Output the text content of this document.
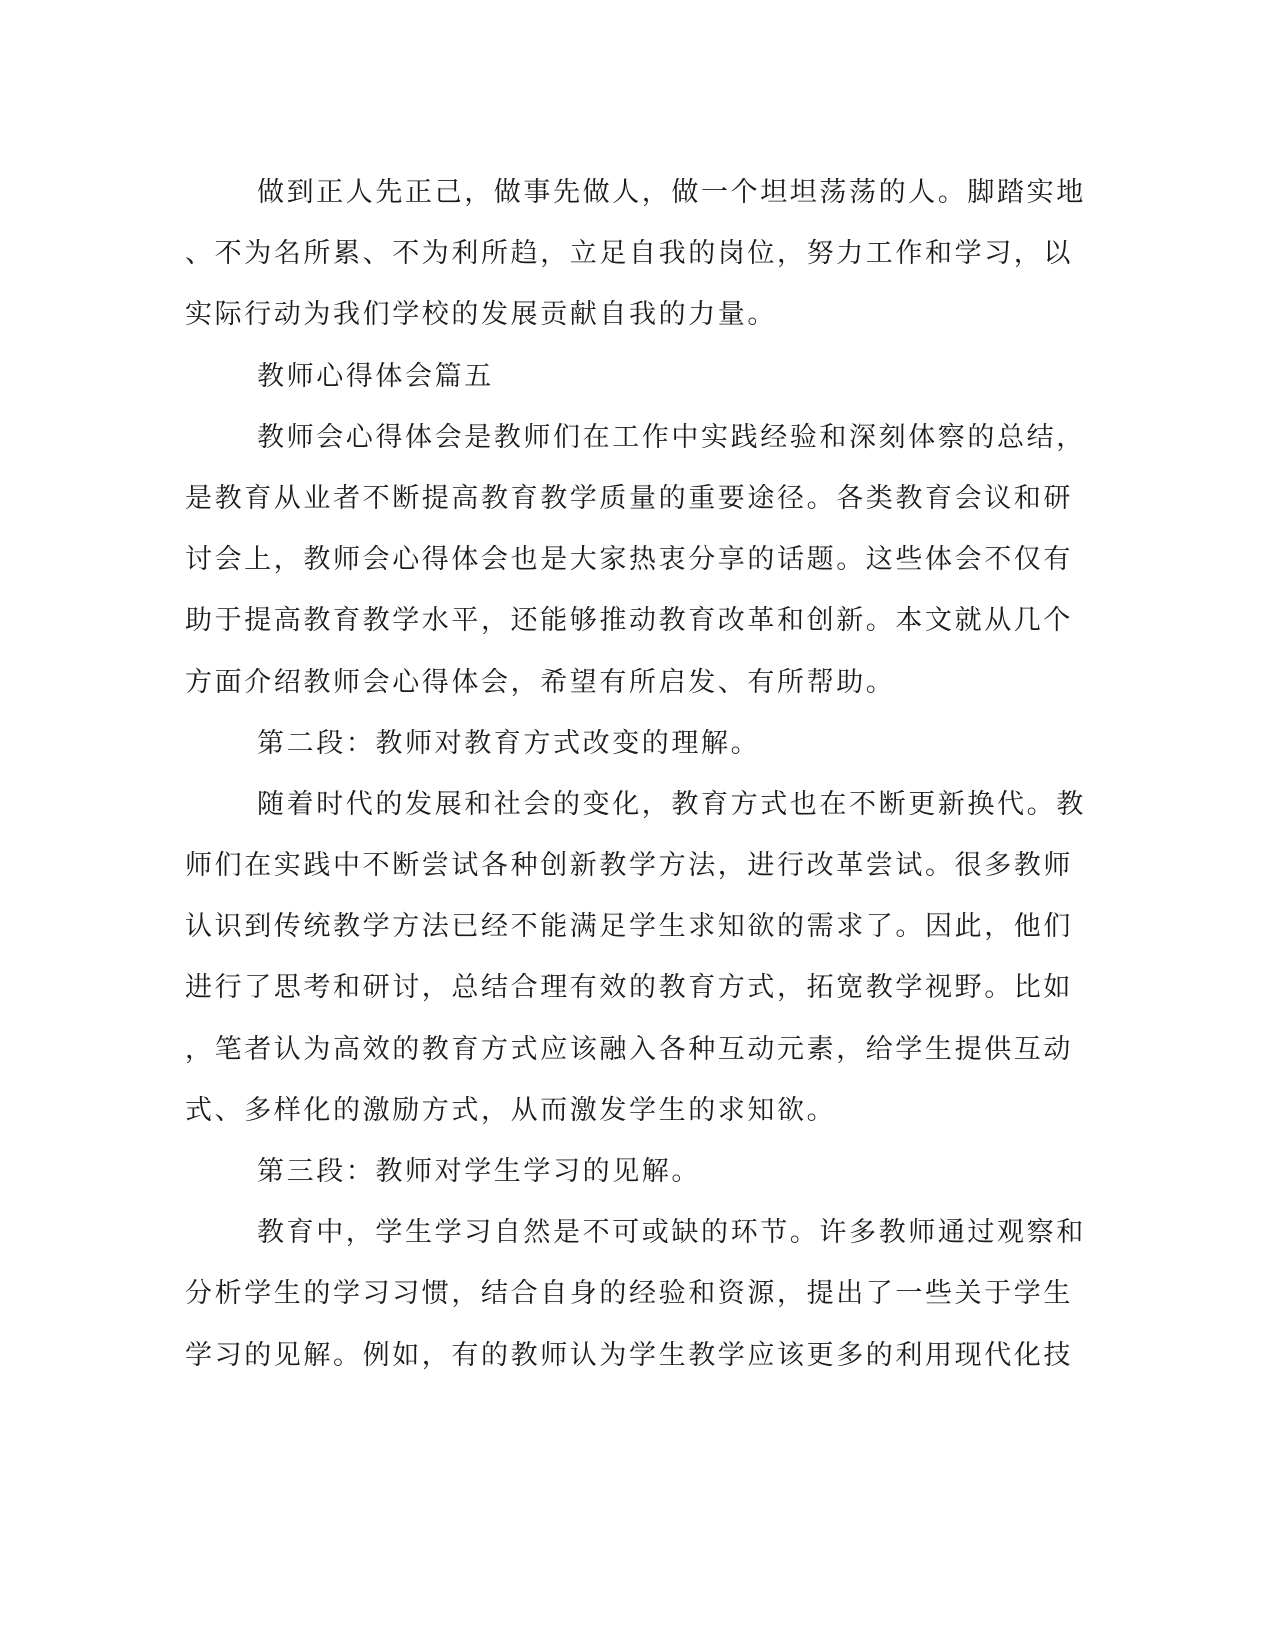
做到正人先正己，做事先做人，做一个坦坦荡荡的人。脚踏实地
、不为名所累、不为利所趋，立足自我的岗位，努力工作和学习，以
实际行动为我们学校的发展贡献自我的力量。
教师心得体会篇五
教师会心得体会是教师们在工作中实践经验和深刻体察的总结，
是教育从业者不断提高教育教学质量的重要途径。各类教育会议和研
讨会上，教师会心得体会也是大家热衷分享的话题。这些体会不仅有
助于提高教育教学水平，还能够推动教育改革和创新。本文就从几个
方面介绍教师会心得体会，希望有所启发、有所帮助。
第二段：教师对教育方式改变的理解。
随着时代的发展和社会的变化，教育方式也在不断更新换代。教
师们在实践中不断尝试各种创新教学方法，进行改革尝试。很多教师
认识到传统教学方法已经不能满足学生求知欲的需求了。因此，他们
进行了思考和研讨，总结合理有效的教育方式，拓宽教学视野。比如
，笔者认为高效的教育方式应该融入各种互动元素，给学生提供互动
式、多样化的激励方式，从而激发学生的求知欲。
第三段：教师对学生学习的见解。
教育中，学生学习自然是不可或缺的环节。许多教师通过观察和
分析学生的学习习惯，结合自身的经验和资源，提出了一些关于学生
学习的见解。例如，有的教师认为学生教学应该更多的利用现代化技
